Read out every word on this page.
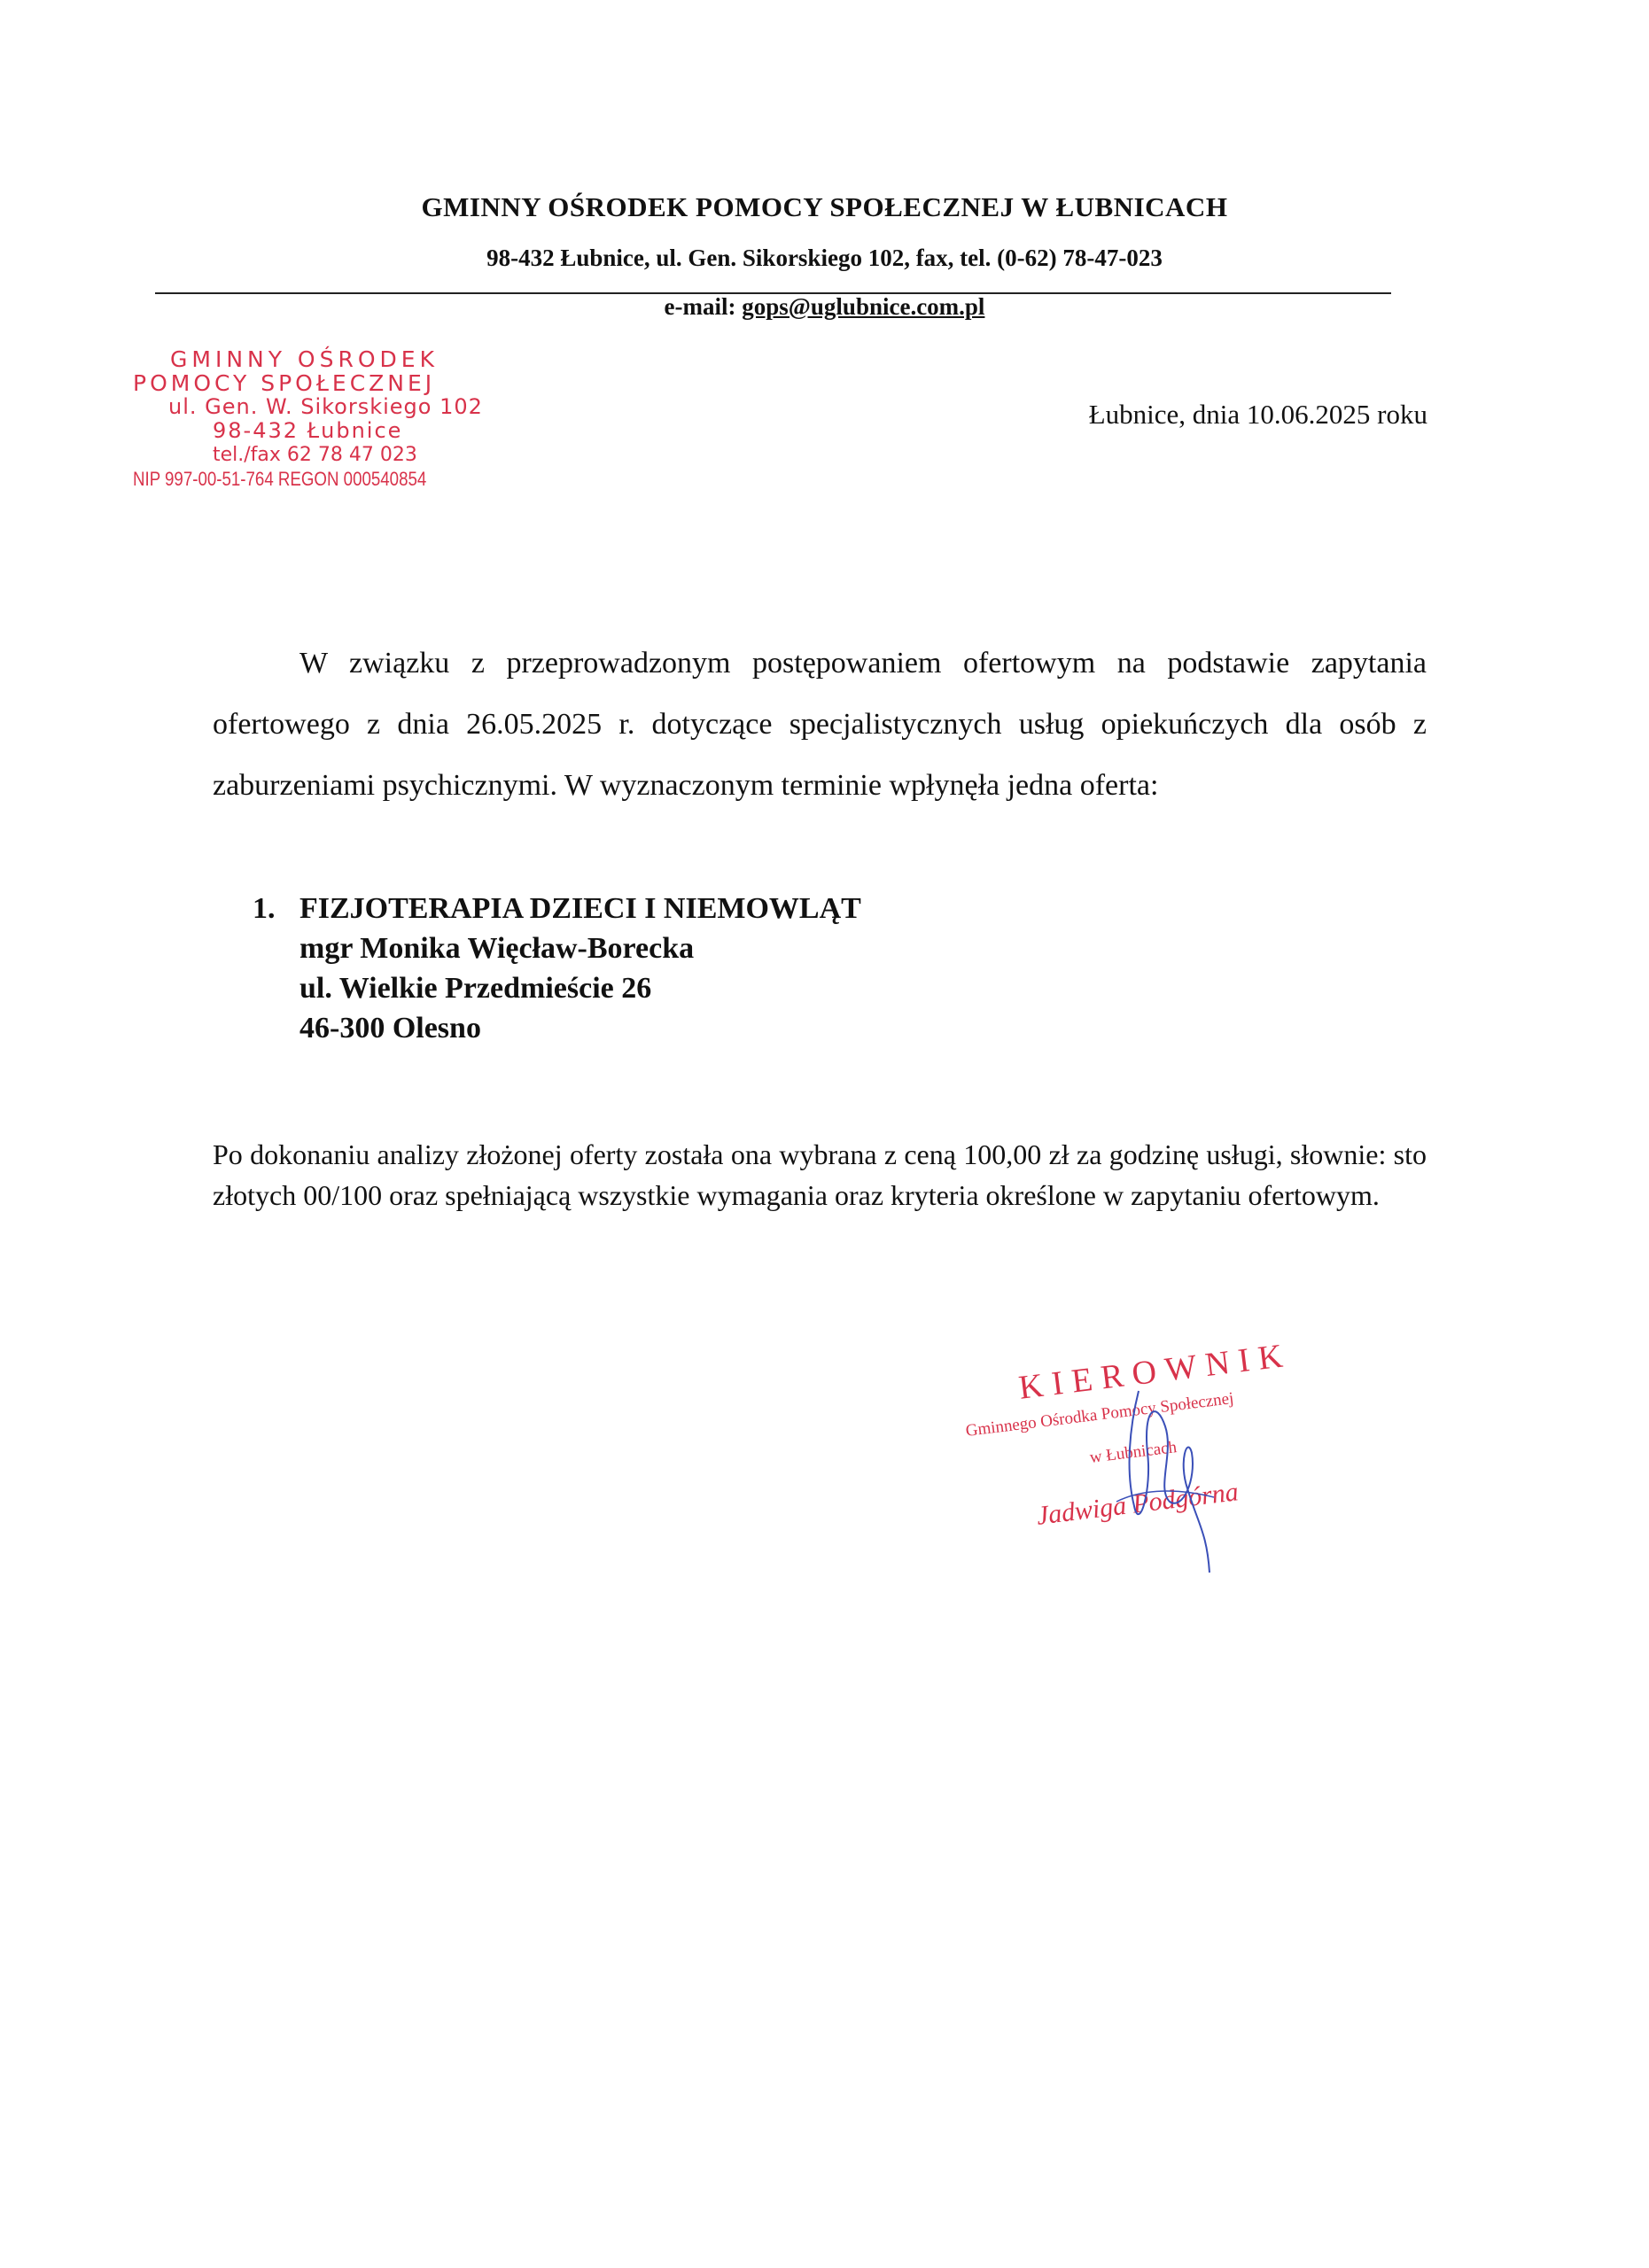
GMINNY OŚRODEK POMOCY SPOŁECZNEJ W ŁUBNICACH
98-432 Łubnice, ul. Gen. Sikorskiego 102, fax, tel. (0-62) 78-47-023
e-mail: gops@uglubnice.com.pl
GMINNY OŚRODEK
POMOCY SPOŁECZNEJ
ul. Gen. W. Sikorskiego 102
98-432 Łubnice
tel./fax 62 78 47 023
NIP 997-00-51-764 REGON 000540854
Łubnice, dnia 10.06.2025 roku
W związku z przeprowadzonym postępowaniem ofertowym na podstawie zapytania ofertowego z dnia 26.05.2025 r. dotyczące specjalistycznych usług opiekuńczych dla osób z zaburzeniami psychicznymi. W wyznaczonym terminie wpłynęła jedna oferta:
1. FIZJOTERAPIA DZIECI I NIEMOWLĄT
mgr Monika Więcław-Borecka
ul. Wielkie Przedmieście 26
46-300 Olesno
Po dokonaniu analizy złożonej oferty została ona wybrana z ceną 100,00 zł za godzinę usługi, słownie: sto złotych 00/100 oraz spełniającą wszystkie wymagania oraz kryteria określone w zapytaniu ofertowym.
KIEROWNIK
Gminnego Ośrodka Pomocy Społecznej
w Łubnicach
Jadwiga Podgórna
